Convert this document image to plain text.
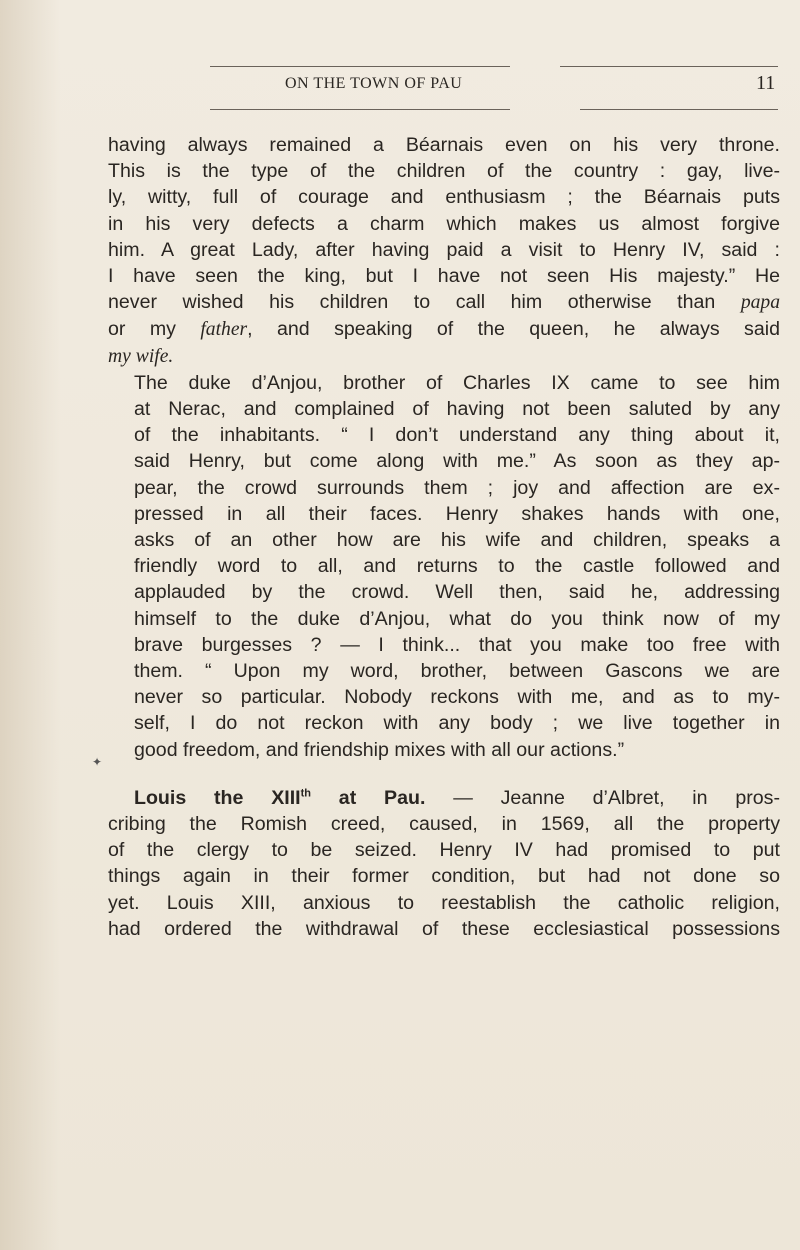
ON THE TOWN OF PAU	11
✦

having always remained a Béarnais even on his very throne.
This is the type of the children of the country : gay, live-
ly, witty, full of courage and enthusiasm ; the Béarnais puts
in his very defects a charm which makes us almost forgive
him. A great Lady, after having paid a visit to Henry IV, said :
I have seen the king, but I have not seen His majesty.” He
never wished his children to call him otherwise than papa
or my father, and speaking of the queen, he always said
my wife.

The duke d’Anjou, brother of Charles IX came to see him
at Nerac, and complained of having not been saluted by any
of the inhabitants. “ I don’t understand any thing about it,
said Henry, but come along with me.” As soon as they ap-
pear, the crowd surrounds them ; joy and affection are ex-
pressed in all their faces. Henry shakes hands with one,
asks of an other how are his wife and children, speaks a
friendly word to all, and returns to the castle followed and
applauded by the crowd. Well then, said he, addressing
himself to the duke d’Anjou, what do you think now of my
brave burgesses ? — I think... that you make too free with
them. “ Upon my word, brother, between Gascons we are
never so particular. Nobody reckons with me, and as to my-
self, I do not reckon with any body ; we live together in
good freedom, and friendship mixes with all our actions.”

Louis the XIIIth at Pau. — Jeanne d’Albret, in pros-
cribing the Romish creed, caused, in 1569, all the property
of the clergy to be seized. Henry IV had promised to put
things again in their former condition, but had not done so
yet. Louis XIII, anxious to reestablish the catholic religion,
had ordered the withdrawal of these ecclesiastical possessions
